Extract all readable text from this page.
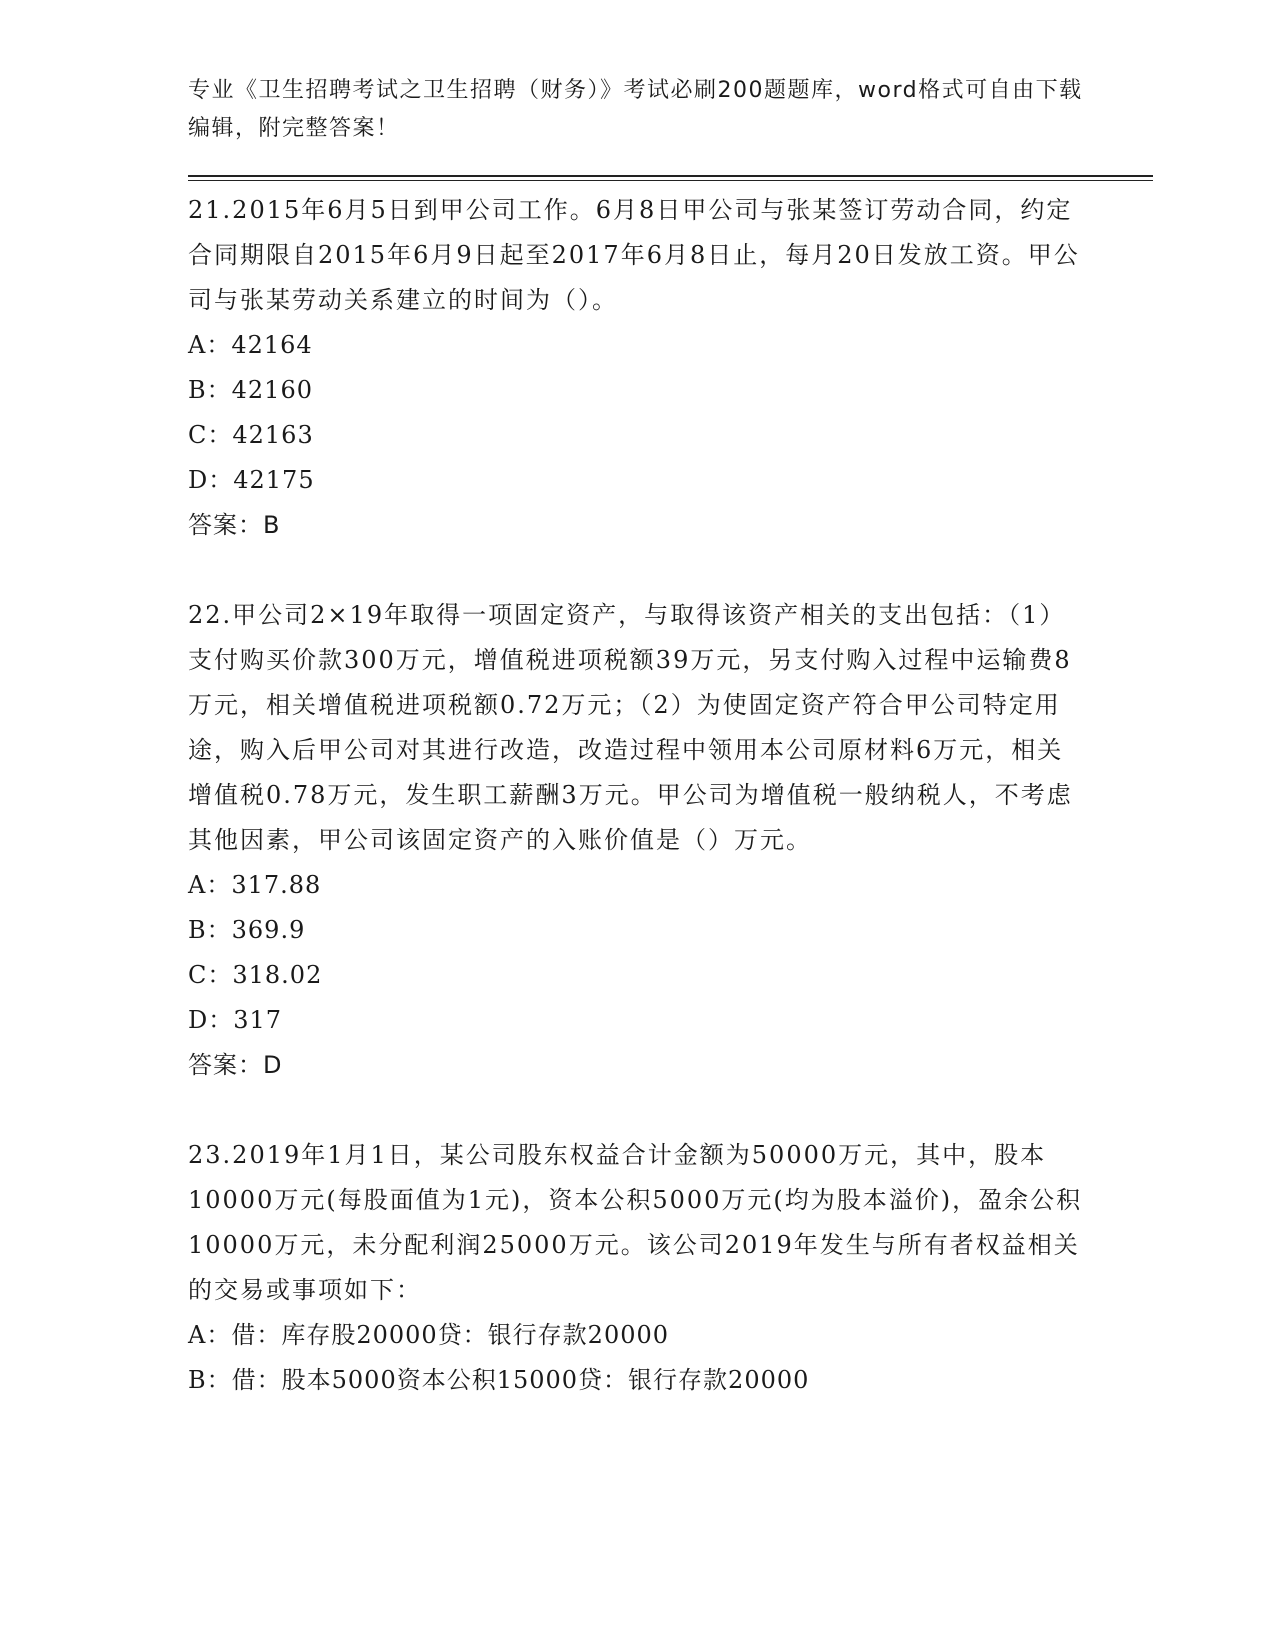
专业《卫生招聘考试之卫生招聘（财务）》考试必刷200题题库，word格式可自由下载编辑，附完整答案！

21.2015年6月5日到甲公司工作。6月8日甲公司与张某签订劳动合同，约定合同期限自2015年6月9日起至2017年6月8日止，每月20日发放工资。甲公司与张某劳动关系建立的时间为（）。

A：42164

B：42160

C：42163

D：42175

答案：B

22.甲公司2×19年取得一项固定资产，与取得该资产相关的支出包括：（1）支付购买价款300万元，增值税进项税额39万元，另支付购入过程中运输费8万元，相关增值税进项税额0.72万元；（2）为使固定资产符合甲公司特定用途，购入后甲公司对其进行改造，改造过程中领用本公司原材料6万元，相关增值税0.78万元，发生职工薪酬3万元。甲公司为增值税一般纳税人，不考虑其他因素，甲公司该固定资产的入账价值是（）万元。

A：317.88

B：369.9

C：318.02

D：317

答案：D

23.2019年1月1日，某公司股东权益合计金额为50000万元，其中，股本10000万元(每股面值为1元)，资本公积5000万元(均为股本溢价)，盈余公积10000万元，未分配利润25000万元。该公司2019年发生与所有者权益相关的交易或事项如下：

A：借：库存股20000贷：银行存款20000

B：借：股本5000资本公积15000贷：银行存款20000
